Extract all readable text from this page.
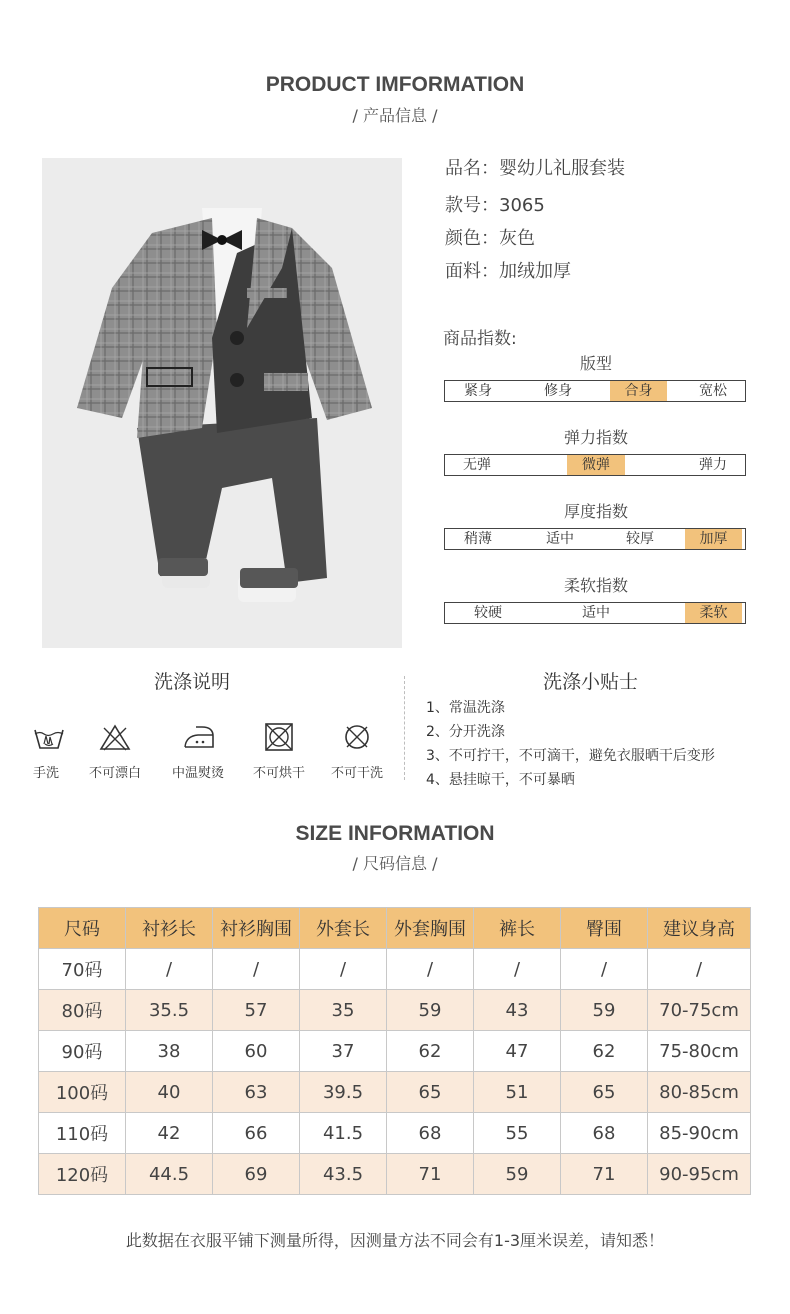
PRODUCT IMFORMATION
/ 产品信息 /
品名：婴幼儿礼服套装
款号：3065
颜色：灰色
面料：加绒加厚
商品指数:
版型
紧身	修身	合身	宽松
弹力指数
无弹	微弹	弹力
厚度指数
稍薄	适中	较厚	加厚
柔软指数
较硬	适中	柔软
洗涤说明
手洗	不可漂白	中温熨烫	不可烘干	不可干洗
洗涤小贴士
1、常温洗涤
2、分开洗涤
3、不可拧干，不可滴干，避免衣服晒干后变形
4、悬挂晾干，不可暴晒
SIZE INFORMATION
/ 尺码信息 /
尺码	衬衫长	衬衫胸围	外套长	外套胸围	裤长	臀围	建议身高
70码	/	/	/	/	/	/	/
80码	35.5	57	35	59	43	59	70-75cm
90码	38	60	37	62	47	62	75-80cm
100码	40	63	39.5	65	51	65	80-85cm
110码	42	66	41.5	68	55	68	85-90cm
120码	44.5	69	43.5	71	59	71	90-95cm
此数据在衣服平铺下测量所得，因测量方法不同会有1-3厘米误差，请知悉！
